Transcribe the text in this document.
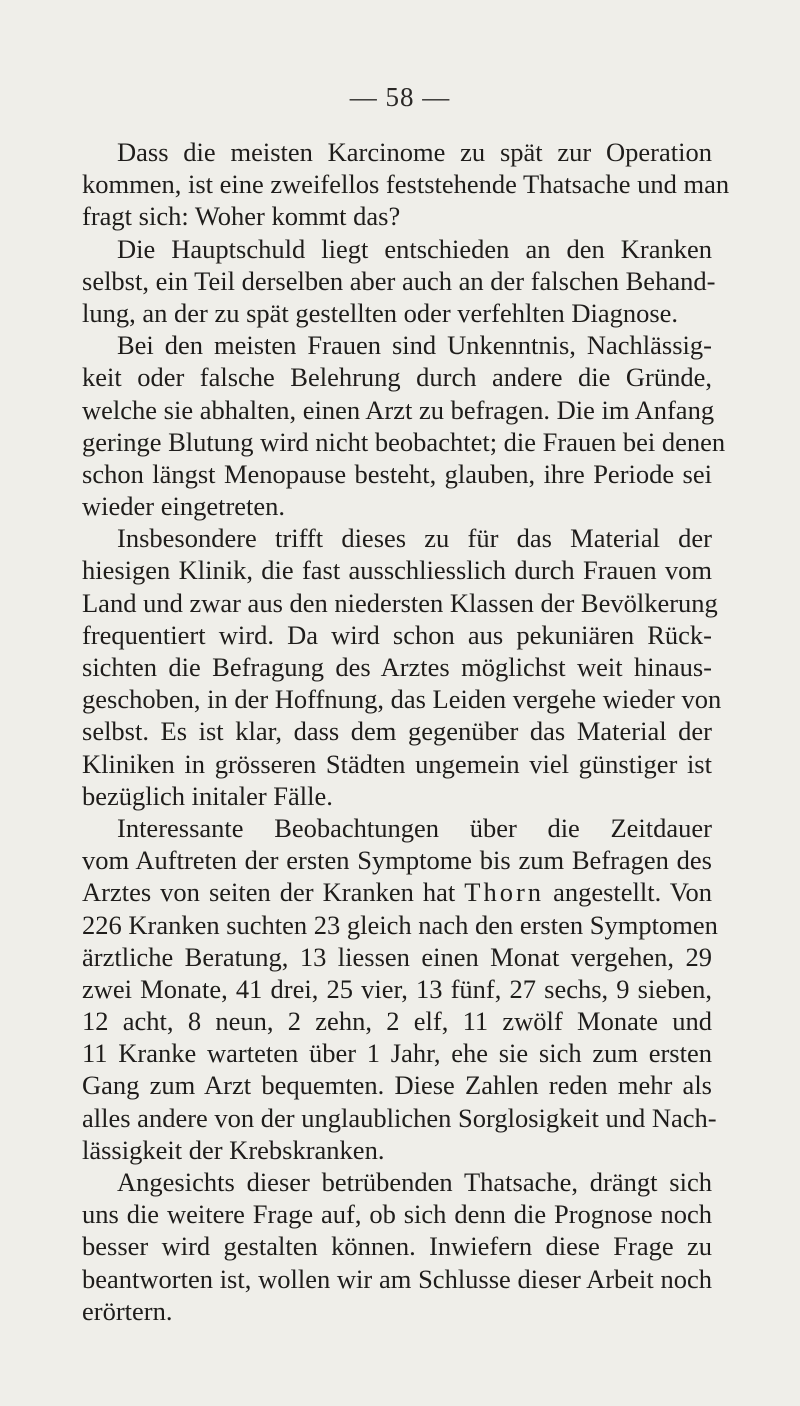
— 58 —
Dass die meisten Karcinome zu spät zur Operation
kommen, ist eine zweifellos feststehende Thatsache und man
fragt sich: Woher kommt das?
Die Hauptschuld liegt entschieden an den Kranken
selbst, ein Teil derselben aber auch an der falschen Behand-
lung, an der zu spät gestellten oder verfehlten Diagnose.
Bei den meisten Frauen sind Unkenntnis, Nachlässig-
keit oder falsche Belehrung durch andere die Gründe,
welche sie abhalten, einen Arzt zu befragen. Die im Anfang
geringe Blutung wird nicht beobachtet; die Frauen bei denen
schon längst Menopause besteht, glauben, ihre Periode sei
wieder eingetreten.
Insbesondere trifft dieses zu für das Material der
hiesigen Klinik, die fast ausschliesslich durch Frauen vom
Land und zwar aus den niedersten Klassen der Bevölkerung
frequentiert wird. Da wird schon aus pekuniären Rück-
sichten die Befragung des Arztes möglichst weit hinaus-
geschoben, in der Hoffnung, das Leiden vergehe wieder von
selbst. Es ist klar, dass dem gegenüber das Material der
Kliniken in grösseren Städten ungemein viel günstiger ist
bezüglich initaler Fälle.
Interessante Beobachtungen über die Zeitdauer
vom Auftreten der ersten Symptome bis zum Befragen des
Arztes von seiten der Kranken hat Thorn angestellt. Von
226 Kranken suchten 23 gleich nach den ersten Symptomen
ärztliche Beratung, 13 liessen einen Monat vergehen, 29
zwei Monate, 41 drei, 25 vier, 13 fünf, 27 sechs, 9 sieben,
12 acht, 8 neun, 2 zehn, 2 elf, 11 zwölf Monate und
11 Kranke warteten über 1 Jahr, ehe sie sich zum ersten
Gang zum Arzt bequemten. Diese Zahlen reden mehr als
alles andere von der unglaublichen Sorglosigkeit und Nach-
lässigkeit der Krebskranken.
Angesichts dieser betrübenden Thatsache, drängt sich
uns die weitere Frage auf, ob sich denn die Prognose noch
besser wird gestalten können. Inwiefern diese Frage zu
beantworten ist, wollen wir am Schlusse dieser Arbeit noch
erörtern.
